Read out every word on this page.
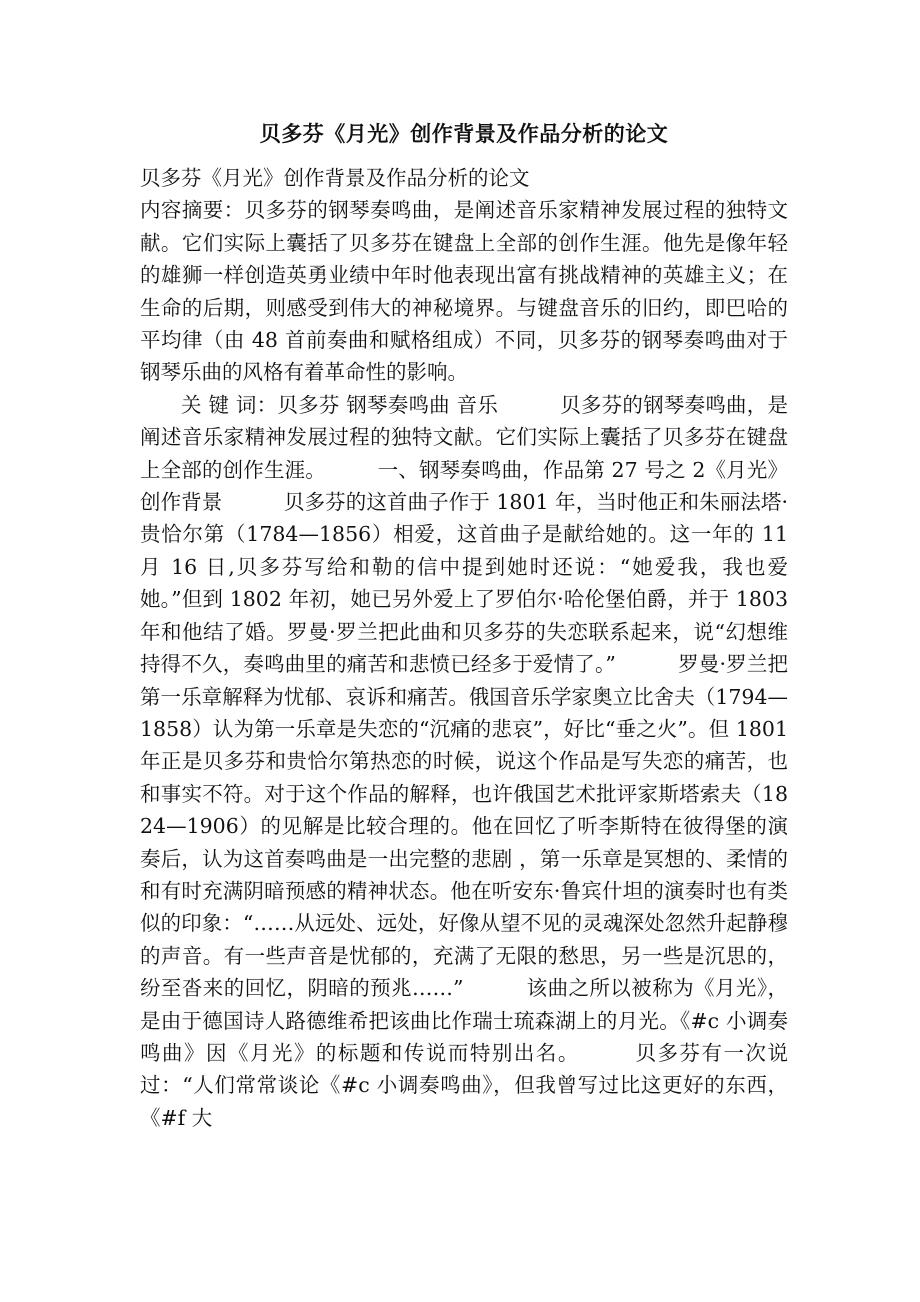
贝多芬《月光》创作背景及作品分析的论文

贝多芬《月光》创作背景及作品分析的论文

内容摘要：贝多芬的钢琴奏鸣曲，是阐述音乐家精神发展过程的独特文献。它们实际上囊括了贝多芬在键盘上全部的创作生涯。他先是像年轻的雄狮一样创造英勇业绩中年时他表现出富有挑战精神的英雄主义；在生命的后期，则感受到伟大的神秘境界。与键盘音乐的旧约，即巴哈的平均律（由 48 首前奏曲和赋格组成）不同，贝多芬的钢琴奏鸣曲对于钢琴乐曲的风格有着革命性的影响。

关 键 词：贝多芬 钢琴奏鸣曲 音乐　　　贝多芬的钢琴奏鸣曲，是阐述音乐家精神发展过程的独特文献。它们实际上囊括了贝多芬在键盘上全部的创作生涯。　　　一、钢琴奏鸣曲，作品第 27 号之 2《月光》创作背景　　　贝多芬的这首曲子作于 1801 年，当时他正和朱丽法塔·贵恰尔第（1784—1856）相爱，这首曲子是献给她的。这一年的 11 月 16 日,贝多芬写给和勒的信中提到她时还说：“她爱我，我也爱她。”但到 1802 年初，她已另外爱上了罗伯尔·哈伦堡伯爵，并于 1803 年和他结了婚。罗曼·罗兰把此曲和贝多芬的失恋联系起来，说“幻想维持得不久，奏鸣曲里的痛苦和悲愤已经多于爱情了。”　　　罗曼·罗兰把第一乐章解释为忧郁、哀诉和痛苦。俄国音乐学家奥立比舍夫（1794—1858）认为第一乐章是失恋的“沉痛的悲哀”，好比“垂之火”。但 1801 年正是贝多芬和贵恰尔第热恋的时候，说这个作品是写失恋的痛苦，也和事实不符。对于这个作品的解释，也许俄国艺术批评家斯塔索夫（1824—1906）的见解是比较合理的。他在回忆了听李斯特在彼得堡的演奏后，认为这首奏鸣曲是一出完整的悲剧 ，第一乐章是冥想的、柔情的和有时充满阴暗预感的精神状态。他在听安东·鲁宾什坦的演奏时也有类似的印象：“……从远处、远处，好像从望不见的灵魂深处忽然升起静穆的声音。有一些声音是忧郁的，充满了无限的愁思，另一些是沉思的，纷至沓来的回忆，阴暗的预兆……”　　　该曲之所以被称为《月光》，是由于德国诗人路德维希把该曲比作瑞士琉森湖上的月光。《#c 小调奏鸣曲》因《月光》的标题和传说而特别出名。　　　贝多芬有一次说过：“人们常常谈论《#c 小调奏鸣曲》，但我曾写过比这更好的东西，《#f 大
